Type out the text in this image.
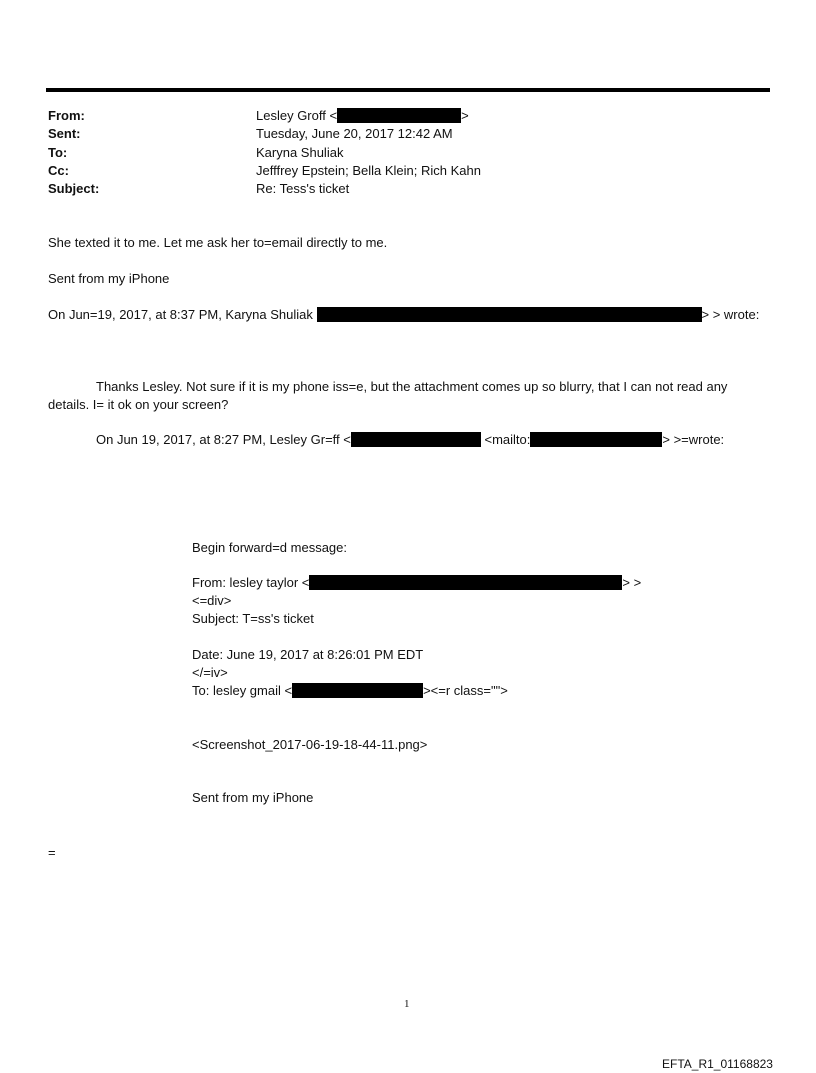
From:	Lesley Groff <	>
Sent:	Tuesday, June 20, 2017 12:42 AM
To:	Karyna Shuliak
Cc:	Jefffrey Epstein; Bella Klein; Rich Kahn
Subject:	Re: Tess's ticket
She texted it to me. Let me ask her to=email directly to me.
Sent from my iPhone
On Jun=19, 2017, at 8:37 PM, Karyna Shuliak	> > wrote:
Thanks Lesley. Not sure if it is my phone iss=e, but the attachment comes up so blurry, that I can not read any
details. I= it ok on your screen?
On Jun 19, 2017, at 8:27 PM, Lesley Gr=ff <	<mailto:	> >=wrote:
Begin forward=d message:
From: lesley taylor <	> >
<=div>
Subject: T=ss's ticket
Date: June 19, 2017 at 8:26:01 PM EDT
</=iv>
To: lesley gmail <	><=r class="">
<Screenshot_2017-06-19-18-44-11.png>
Sent from my iPhone
=
1
EFTA_R1_01168823
